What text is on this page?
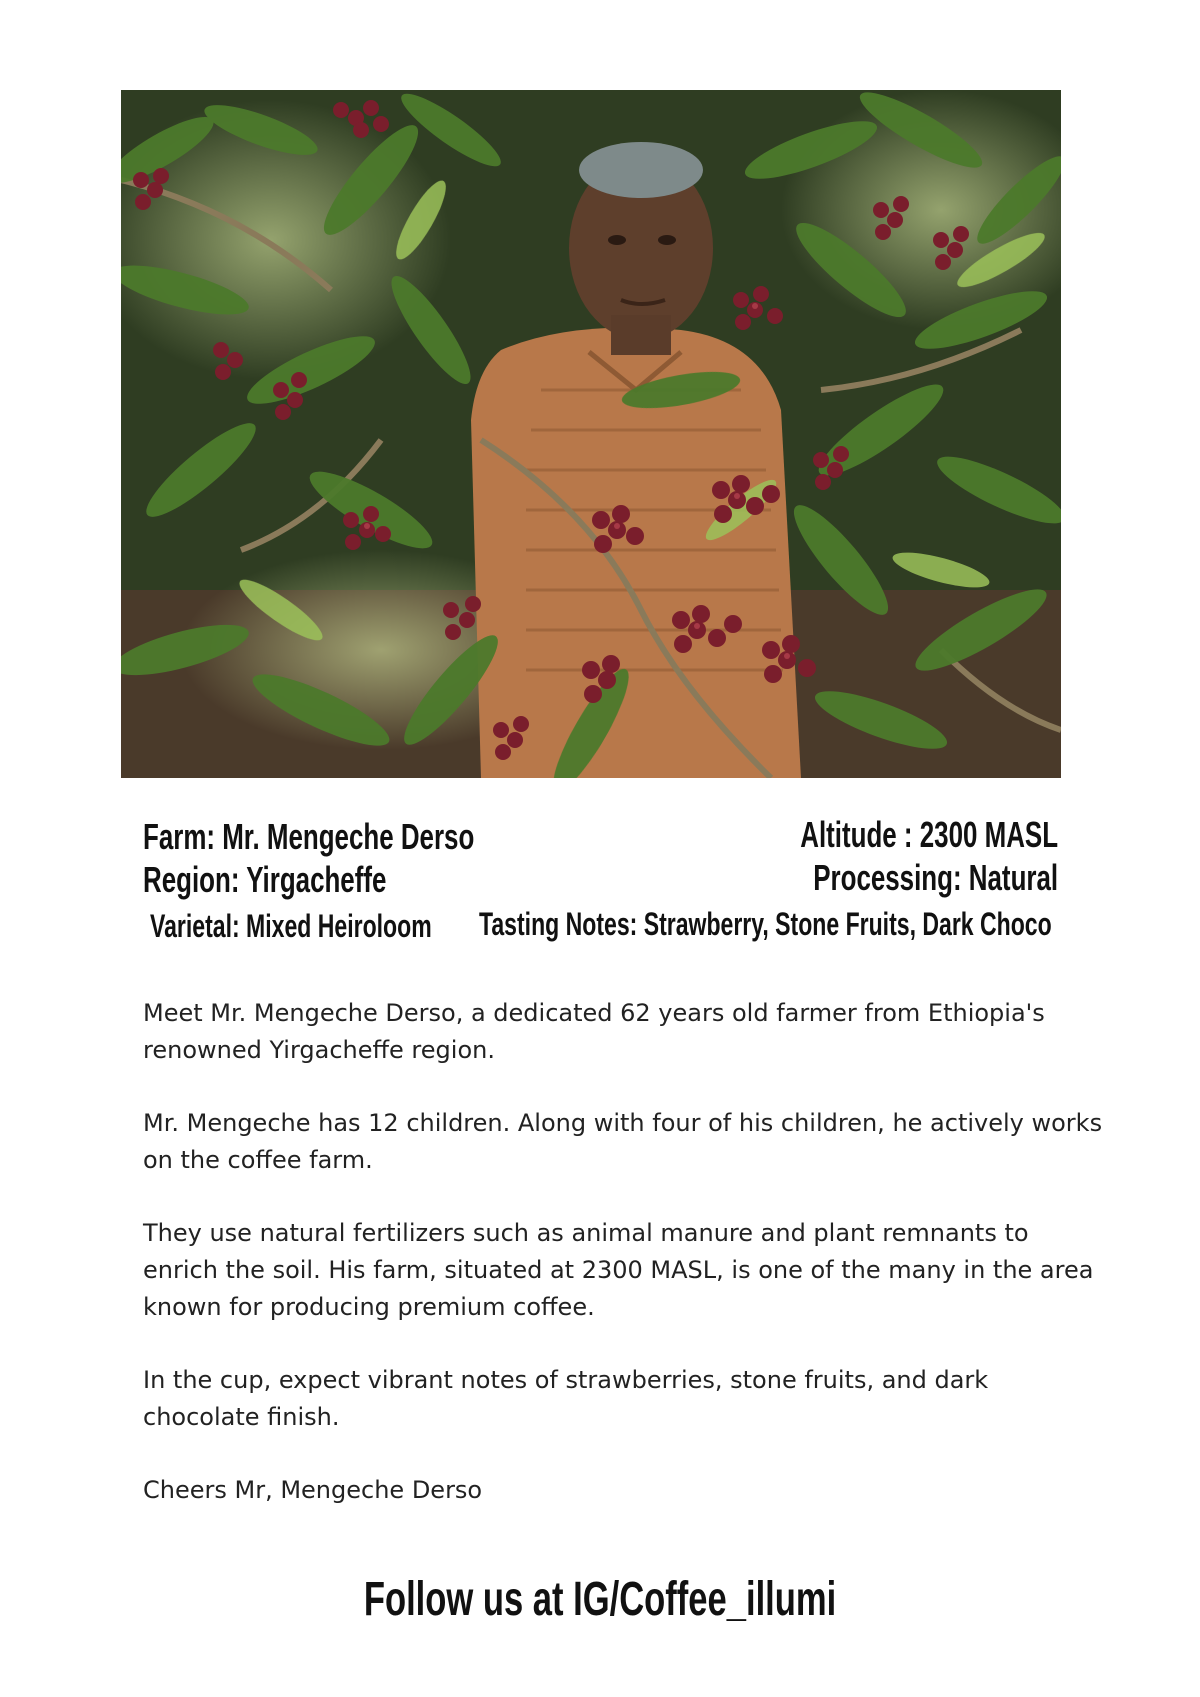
Farm: Mr. Mengeche Derso

Region: Yirgacheffe

Varietal: Mixed Heiroloom

Altitude : 2300 MASL

Processing: Natural

Tasting Notes: Strawberry, Stone Fruits, Dark Choco

Meet Mr. Mengeche Derso, a dedicated 62 years old farmer from Ethiopia's renowned Yirgacheffe region.

Mr. Mengeche has 12 children. Along with four of his children, he actively works on the coffee farm.

They use natural fertilizers such as animal manure and plant remnants to enrich the soil. His farm, situated at 2300 MASL, is one of the many in the area known for producing premium coffee.

In the cup, expect vibrant notes of strawberries, stone fruits, and dark chocolate finish.

Cheers Mr, Mengeche Derso

Follow us at IG/Coffee_illumi
